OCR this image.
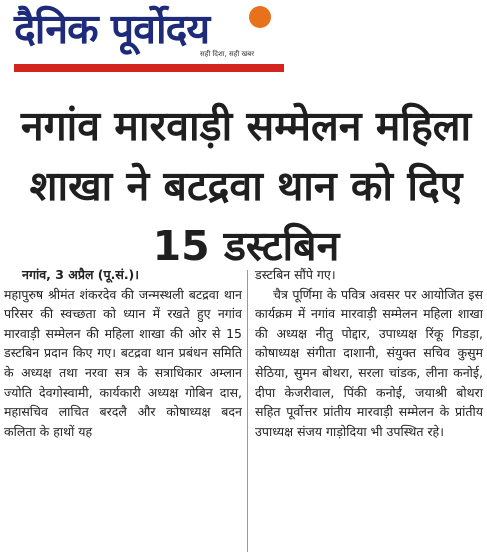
दैनिक पूर्वोदय
सही दिशा, सही खबर
नगांव मारवाड़ी सम्मेलन महिला शाखा ने बटद्रवा थान को दिए 15 डस्टबिन
नगांव, 3 अप्रैल (पू.सं.)।
महापुरुष श्रीमंत शंकरदेव की जन्मस्थली बटद्रवा थान परिसर की स्वच्छता को ध्यान में रखते हुए नगांव मारवाड़ी सम्मेलन की महिला शाखा की ओर से 15 डस्टबिन प्रदान किए गए। बटद्रवा थान प्रबंधन समिति के अध्यक्ष तथा नरवा सत्र के सत्राधिकार अम्लान ज्योति देवगोस्वामी, कार्यकारी अध्यक्ष गोबिन दास, महासचिव लाचित बरदलै और कोषाध्यक्ष बदन कलिता के हाथों यह
डस्टबिन सौंपे गए।
चैत्र पूर्णिमा के पवित्र अवसर पर आयोजित इस कार्यक्रम में नगांव मारवाड़ी सम्मेलन महिला शाखा की अध्यक्ष नीतु पोद्दार, उपाध्यक्ष रिंकू गिडड़ा, कोषाध्यक्ष संगीता दाशानी, संयुक्त सचिव कुसुम सेठिया, सुमन बोथरा, सरला चांडक, लीना कनोई, दीपा केजरीवाल, पिंकी कनोई, जयाश्री बोथरा सहित पूर्वोत्तर प्रांतीय मारवाड़ी सम्मेलन के प्रांतीय उपाध्यक्ष संजय गाड़ोदिया भी उपस्थित रहे।
